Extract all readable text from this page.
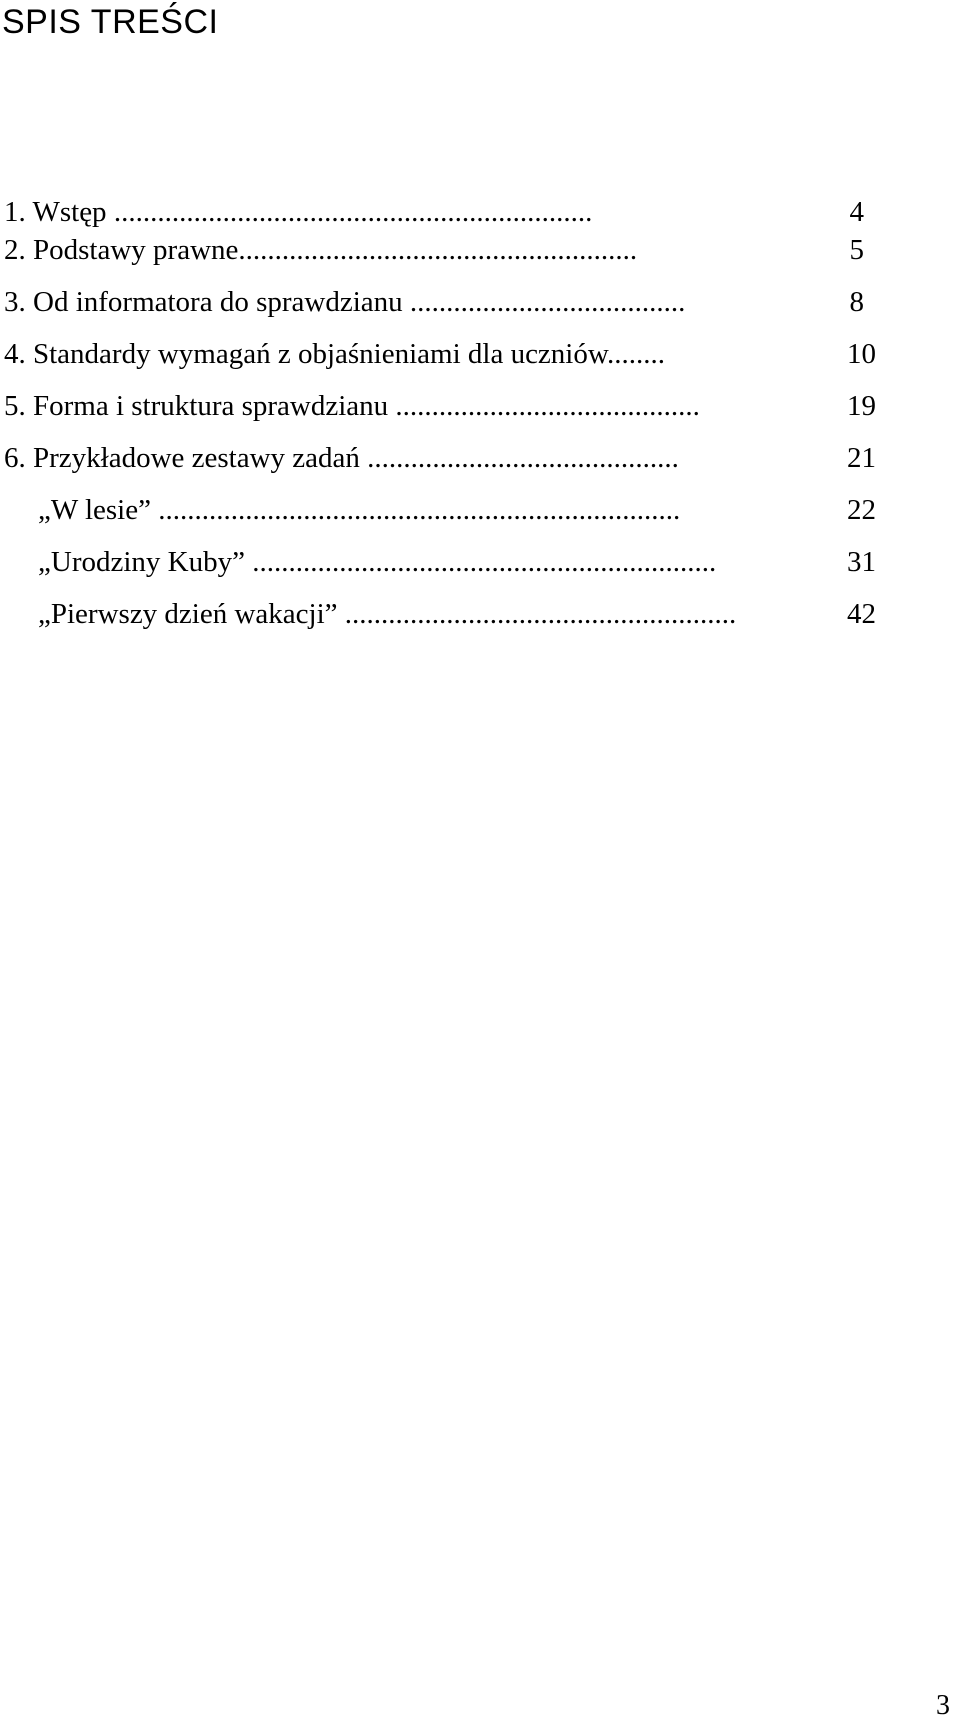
SPIS TREŚCI
1. Wstęp ..................................................................	4
2. Podstawy prawne.......................................................	5
3. Od informatora do sprawdzianu ......................................	8
4. Standardy wymagań z objaśnieniami dla uczniów........	10
5. Forma i struktura sprawdzianu ..........................................	19
6. Przykładowe zestawy zadań ...........................................	21
„W lesie” ........................................................................	22
„Urodziny Kuby” ................................................................	31
„Pierwszy dzień wakacji” ......................................................	42
3
